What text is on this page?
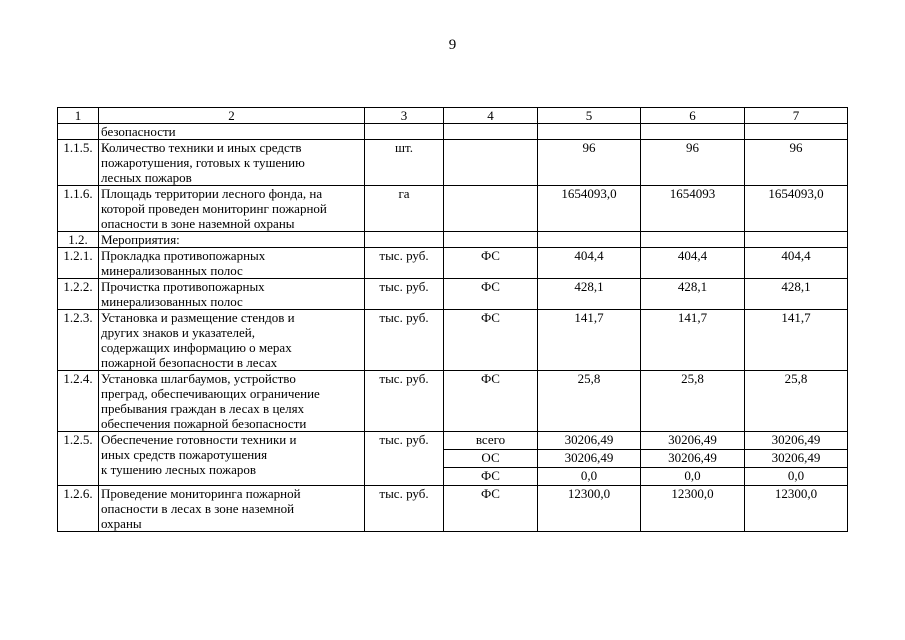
9
1	2	3	4	5	6	7

	безопасности					

1.1.5.	Количество техники и иных средств
пожаротушения, готовых к тушению
лесных пожаров	шт.		96	96	96
1.1.6.	Площадь территории лесного фонда, на
которой проведен мониторинг пожарной
опасности в зоне наземной охраны	га		1654093,0	1654093	1654093,0
1.2.	Мероприятия:					

1.2.1.	Прокладка противопожарных
минерализованных полос	тыс. руб.	ФС	404,4	404,4	404,4
1.2.2.	Прочистка противопожарных
минерализованных полос	тыс. руб.	ФС	428,1	428,1	428,1
1.2.3.	Установка и размещение стендов и
других знаков и указателей,
содержащих информацию о мерах
пожарной безопасности в лесах	тыс. руб.	ФС	141,7	141,7	141,7
1.2.4.	Установка шлагбаумов, устройство
преград, обеспечивающих ограничение
пребывания граждан в лесах в целях
обеспечения пожарной безопасности	тыс. руб.	ФС	25,8	25,8	25,8
1.2.5.	Обеспечение готовности техники и
иных средств пожаротушения
к тушению лесных пожаров	тыс. руб.	всего	30206,49	30206,49	30206,49
			ОС	30206,49	30206,49	30206,49
			ФС	0,0	0,0	0,0
1.2.6.	Проведение мониторинга пожарной
опасности в лесах в зоне наземной
охраны	тыс. руб.	ФС	12300,0	12300,0	12300,0
